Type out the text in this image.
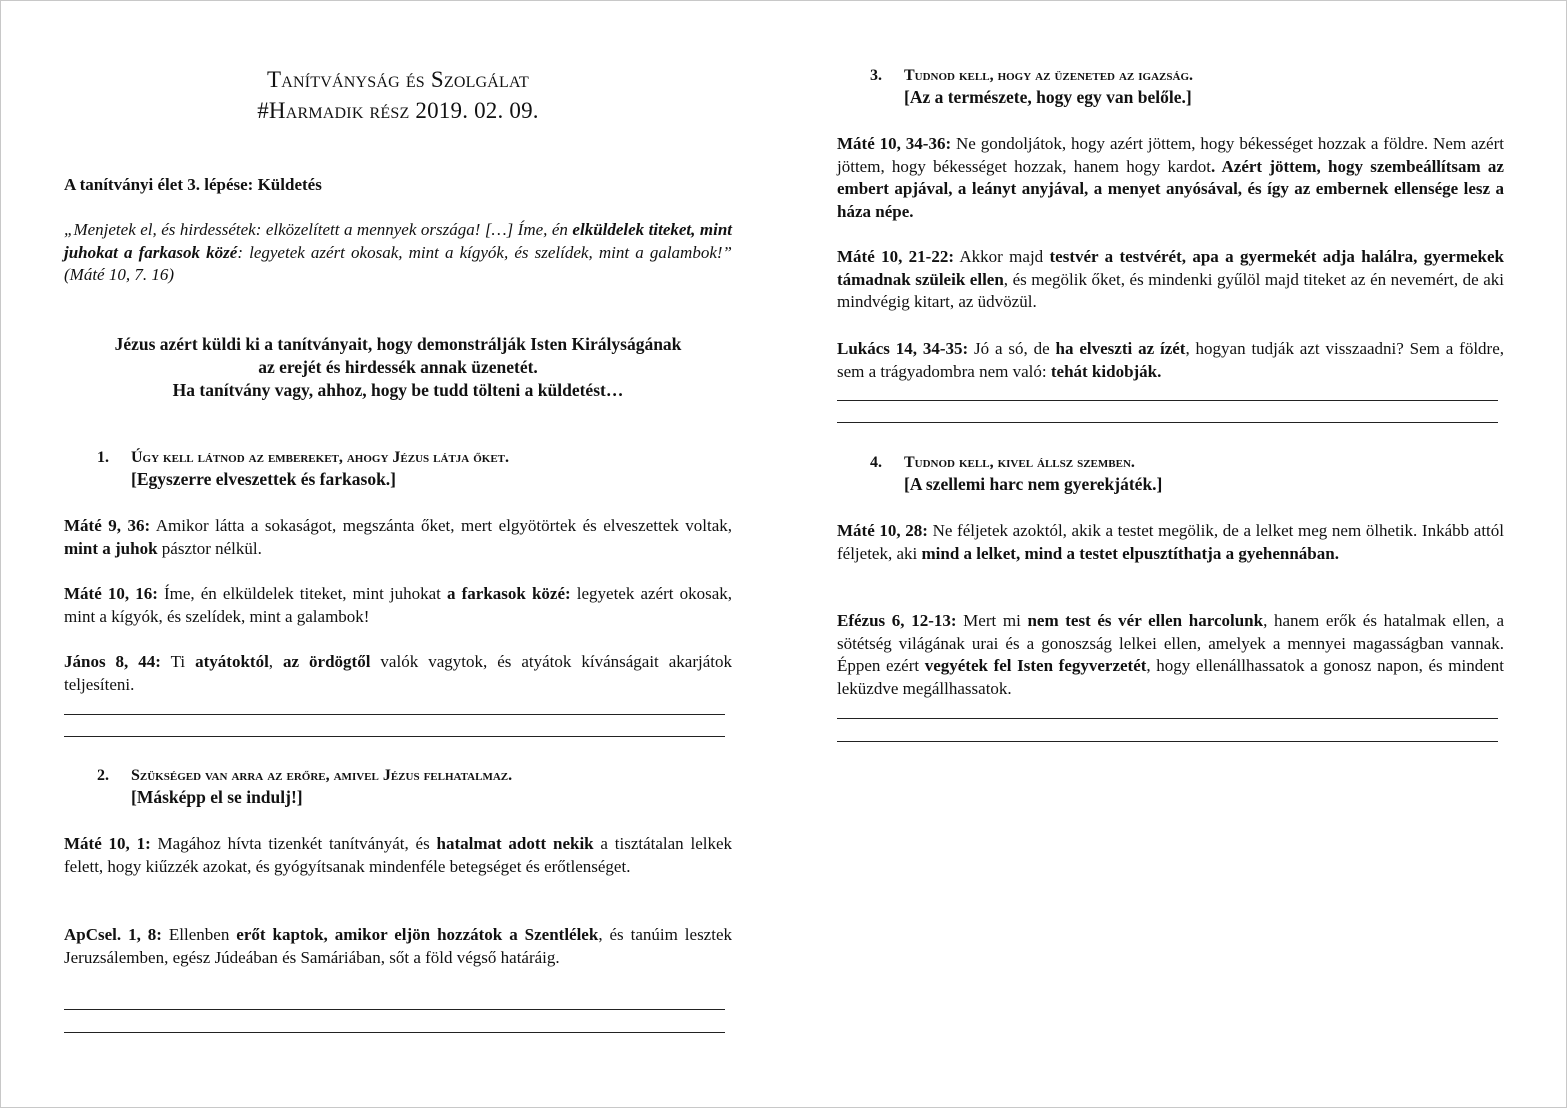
Tanítványság és Szolgálat
#Harmadik rész 2019. 02. 09.
A tanítványi élet 3. lépése: Küldetés
„Menjetek el, és hirdessétek: elközelített a mennyek országa! […] Íme, én elküldelek titeket, mint juhokat a farkasok közé: legyetek azért okosak, mint a kígyók, és szelídek, mint a galambok!” (Máté 10, 7. 16)
Jézus azért küldi ki a tanítványait, hogy demonstrálják Isten Királyságának
az erejét és hirdessék annak üzenetét.
Ha tanítvány vagy, ahhoz, hogy be tudd tölteni a küldetést…
1. Úgy kell látnod az embereket, ahogy Jézus látja őket.
[Egyszerre elveszettek és farkasok.]
Máté 9, 36: Amikor látta a sokaságot, megszánta őket, mert elgyötörtek és elveszettek voltak, mint a juhok pásztor nélkül.
Máté 10, 16: Íme, én elküldelek titeket, mint juhokat a farkasok közé: legyetek azért okosak, mint a kígyók, és szelídek, mint a galambok!
János 8, 44: Ti atyátoktól, az ördögtől valók vagytok, és atyátok kívánságait akarjátok teljesíteni.
2. Szükséged van arra az erőre, amivel Jézus felhatalmaz.
[Másképp el se indulj!]
Máté 10, 1: Magához hívta tizenkét tanítványát, és hatalmat adott nekik a tisztátalan lelkek felett, hogy kiűzzék azokat, és gyógyítsanak mindenféle betegséget és erőtlenséget.
ApCsel. 1, 8: Ellenben erőt kaptok, amikor eljön hozzátok a Szentlélek, és tanúim lesztek Jeruzsálemben, egész Júdeában és Samáriában, sőt a föld végső határáig.
3. Tudnod kell, hogy az üzeneted az igazság.
[Az a természete, hogy egy van belőle.]
Máté 10, 34-36: Ne gondoljátok, hogy azért jöttem, hogy békességet hozzak a földre. Nem azért jöttem, hogy békességet hozzak, hanem hogy kardot. Azért jöttem, hogy szembeállítsam az embert apjával, a leányt anyjával, a menyet anyósával, és így az embernek ellensége lesz a háza népe.
Máté 10, 21-22: Akkor majd testvér a testvérét, apa a gyermekét adja halálra, gyermekek támadnak szüleik ellen, és megölik őket, és mindenki gyűlöl majd titeket az én nevemért, de aki mindvégig kitart, az üdvözül.
Lukács 14, 34-35: Jó a só, de ha elveszti az ízét, hogyan tudják azt visszaadni? Sem a földre, sem a trágyadombra nem való: tehát kidobják.
4. Tudnod kell, kivel állsz szemben.
[A szellemi harc nem gyerekjáték.]
Máté 10, 28: Ne féljetek azoktól, akik a testet megölik, de a lelket meg nem ölhetik. Inkább attól féljetek, aki mind a lelket, mind a testet elpusztíthatja a gyehennában.
Efézus 6, 12-13: Mert mi nem test és vér ellen harcolunk, hanem erők és hatalmak ellen, a sötétség világának urai és a gonoszság lelkei ellen, amelyek a mennyei magasságban vannak. Éppen ezért vegyétek fel Isten fegyverzetét, hogy ellenállhassatok a gonosz napon, és mindent leküzdve megállhassatok.
